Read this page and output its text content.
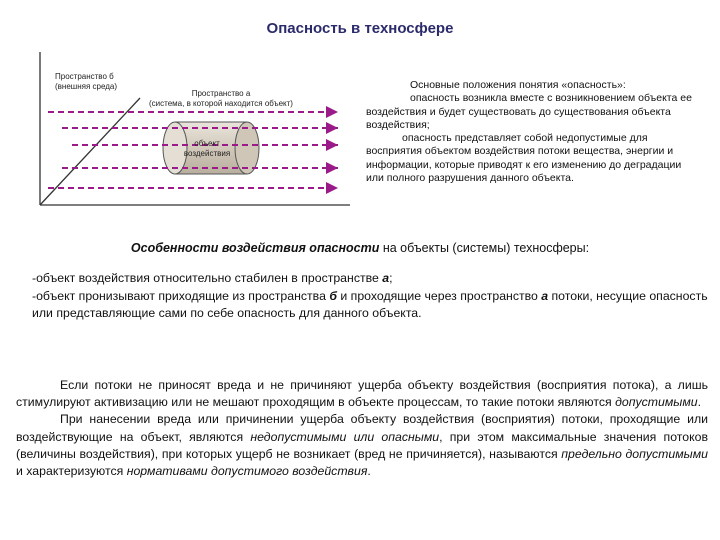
Опасность в техносфере
Пространство б
(внешняя среда)
Пространство а
(система, в которой находится объект)
объект
воздействия

Основные положения понятия «опасность»:

опасность возникла вместе с возникновением объекта ее воздействия и будет существовать до существования объекта воздействия;

опасность представляет собой недопустимые для восприятия объектом воздействия потоки вещества, энергии и информации, которые приводят к его изменению до деградации или полного разрушения данного объекта.

Особенности воздействия опасности на объекты (системы) техносферы:

-объект воздействия относительно стабилен в пространстве а;

-объект пронизывают приходящие из пространства б и проходящие через пространство а потоки, несущие опасность или представляющие сами по себе опасность для данного объекта.

Если потоки не приносят вреда и не причиняют ущерба объекту воздействия (восприятия потока), а лишь стимулируют активизацию или не мешают проходящим в объекте процессам, то такие потоки являются допустимыми.

При нанесении вреда или причинении ущерба объекту воздействия (восприятия) потоки, проходящие или воздействующие на объект, являются недопустимыми или опасными, при этом максимальные значения потоков (величины воздействия), при которых ущерб не возникает (вред не причиняется), называются предельно допустимыми и характеризуются нормативами допустимого воздействия.
